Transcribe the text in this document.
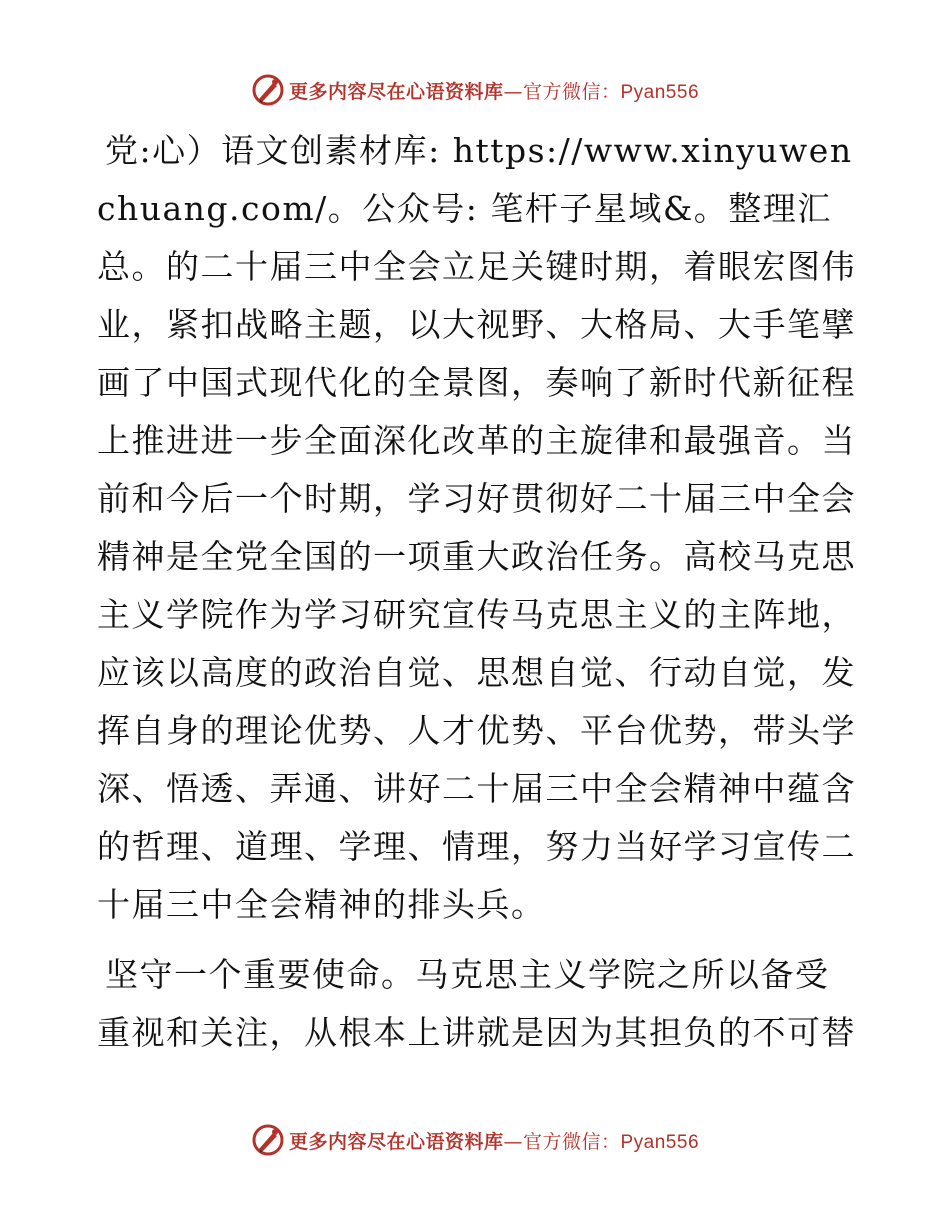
更多内容尽在心语资料库—官方微信：Pyan556

党:心）语文创素材库: https://www.xinyuwenchuang.com/。公众号: 笔杆子星域&。整理汇总。的二十届三中全会立足关键时期，着眼宏图伟业，紧扣战略主题，以大视野、大格局、大手笔擘画了中国式现代化的全景图，奏响了新时代新征程上推进进一步全面深化改革的主旋律和最强音。当前和今后一个时期，学习好贯彻好二十届三中全会精神是全党全国的一项重大政治任务。高校马克思主义学院作为学习研究宣传马克思主义的主阵地，应该以高度的政治自觉、思想自觉、行动自觉，发挥自身的理论优势、人才优势、平台优势，带头学深、悟透、弄通、讲好二十届三中全会精神中蕴含的哲理、道理、学理、情理，努力当好学习宣传二十届三中全会精神的排头兵。

坚守一个重要使命。马克思主义学院之所以备受重视和关注，从根本上讲就是因为其担负的不可替

更多内容尽在心语资料库—官方微信：Pyan556
